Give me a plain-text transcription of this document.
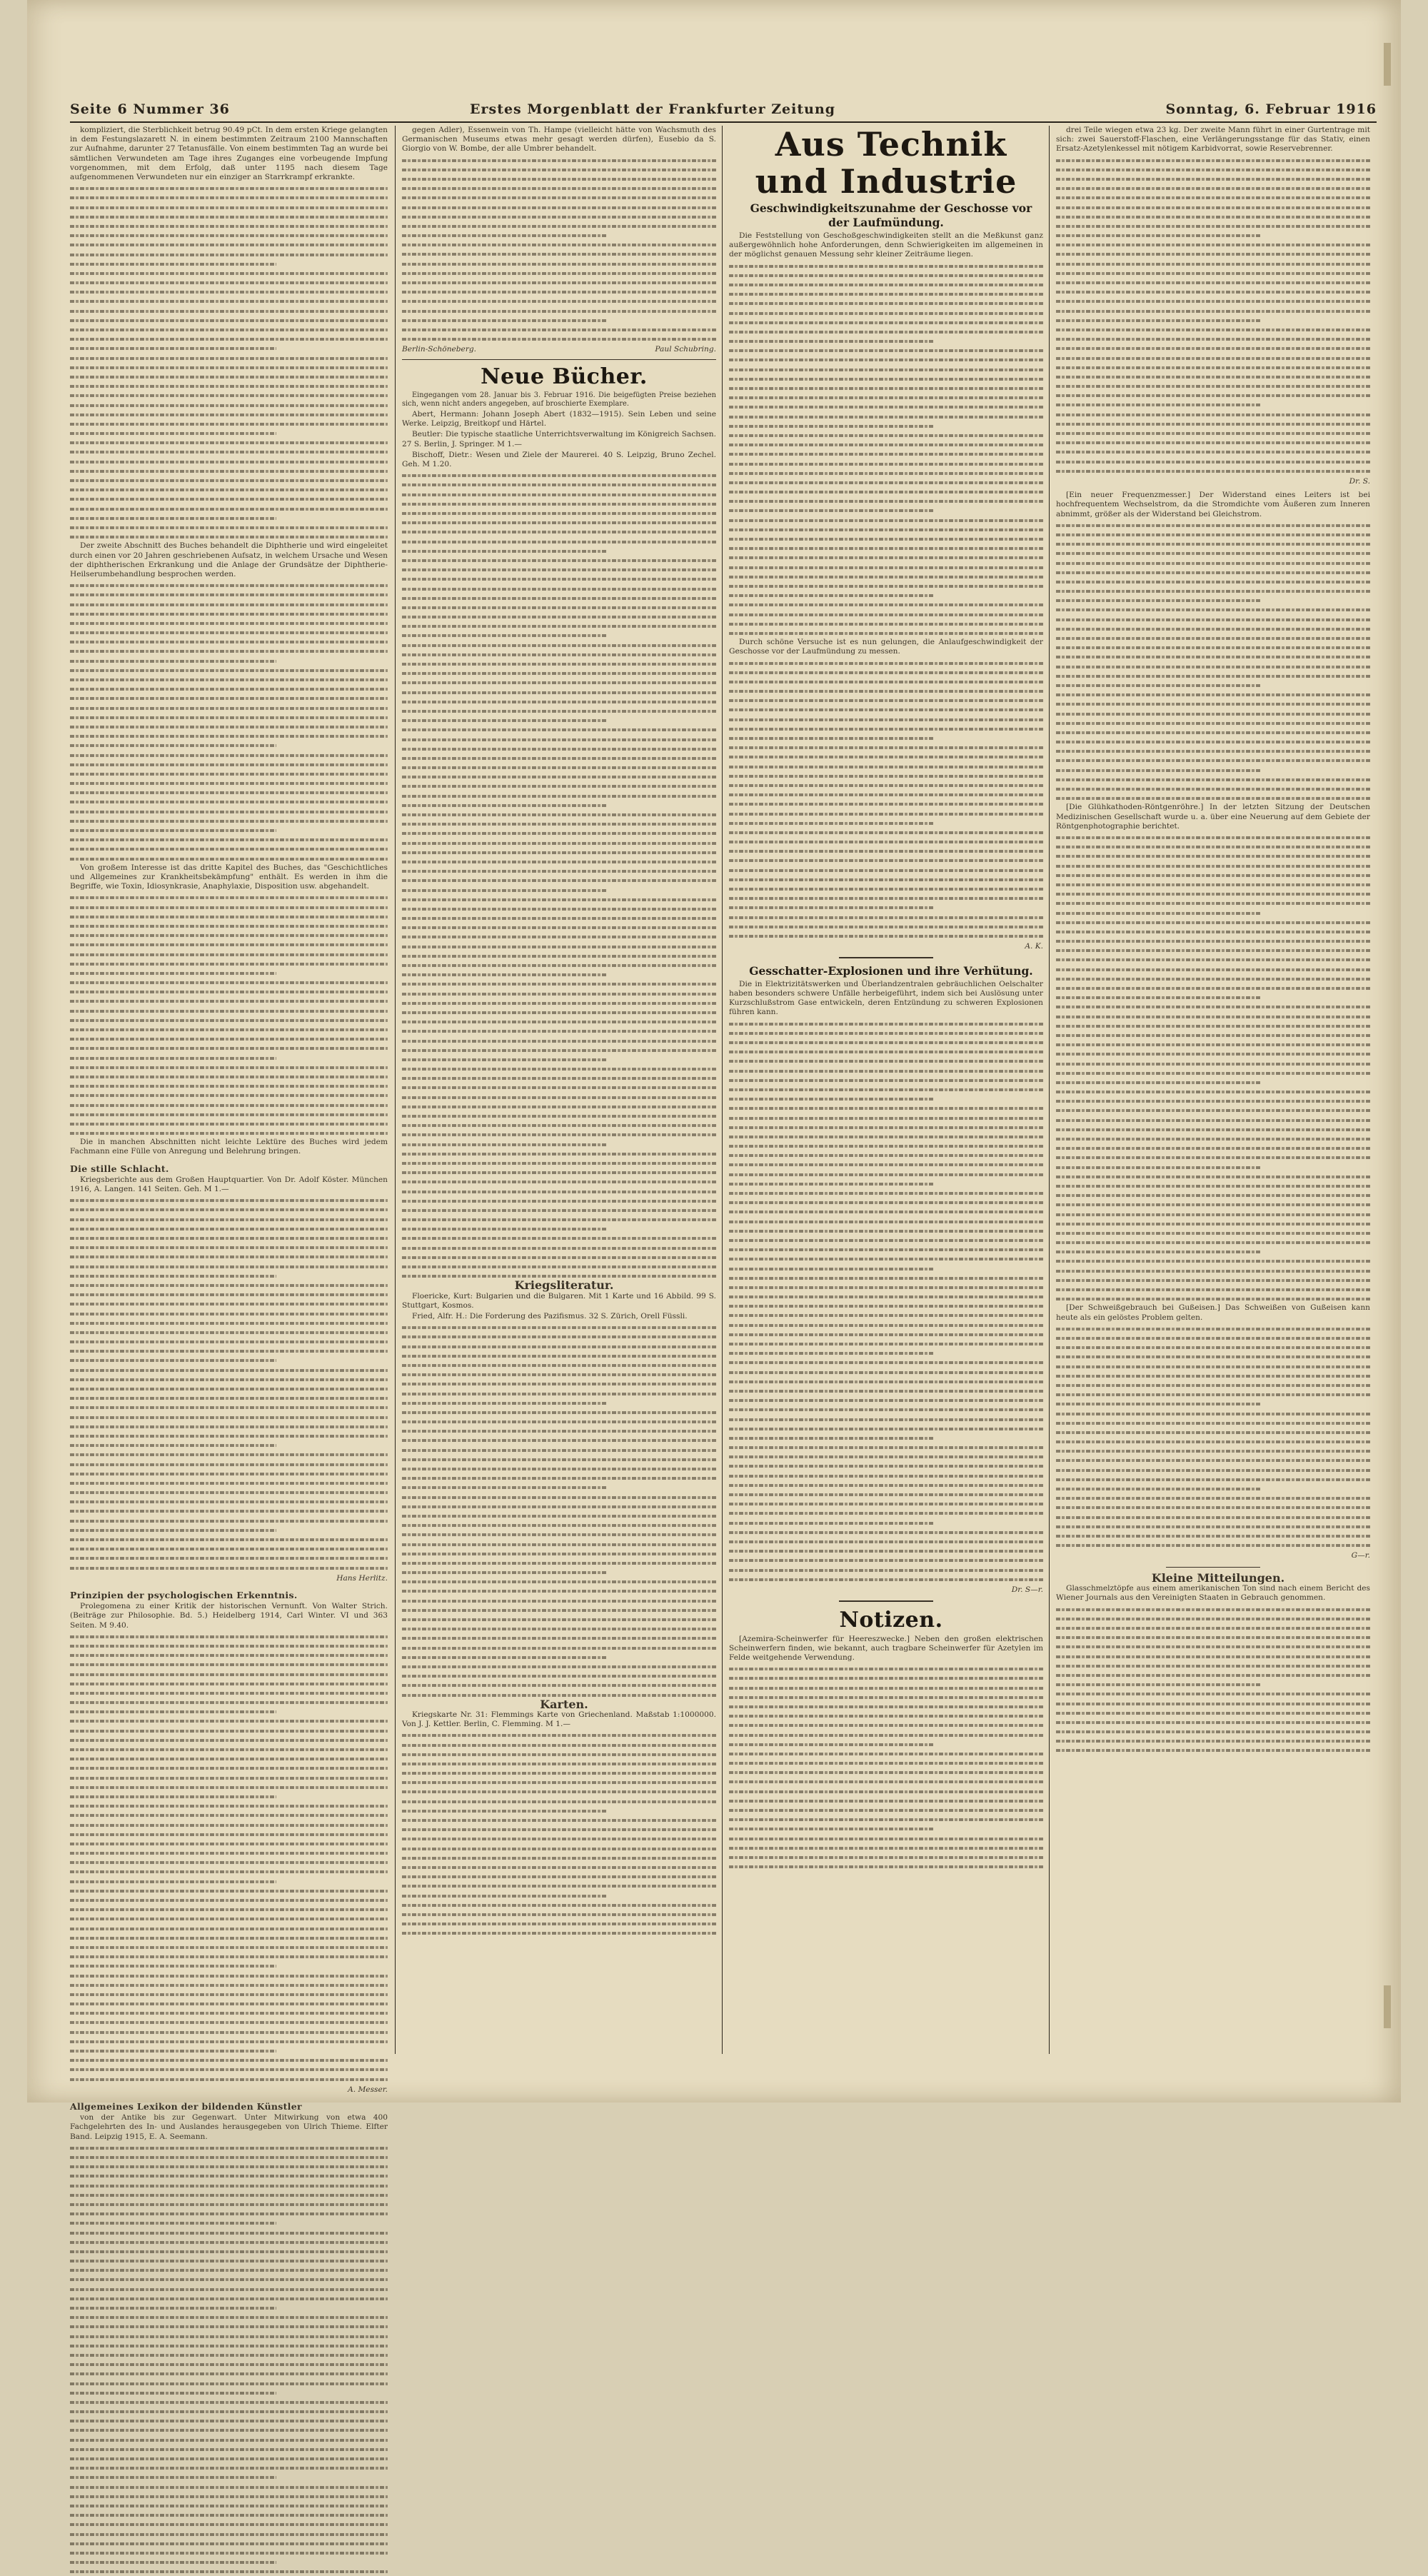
Seite 6 Nummer 36	Erstes Morgenblatt der Frankfurter Zeitung	Sonntag, 6. Februar 1916

kompliziert, die Sterblichkeit betrug 90.49 pCt. In dem ersten Kriege gelangten in dem Festungslazarett N. in einem bestimmten Zeitraum 2100 Mannschaften zur Aufnahme, darunter 27 Tetanusfälle. Von einem bestimmten Tag an wurde bei sämtlichen Verwundeten am Tage ihres Zuganges eine vorbeugende Impfung vorgenommen, mit dem Erfolg, daß unter 1195 nach diesem Tage aufgenommenen Verwundeten nur ein einziger an Starrkrampf erkrankte.

Der zweite Abschnitt des Buches behandelt die Diphtherie und wird eingeleitet durch einen vor 20 Jahren geschriebenen Aufsatz, in welchem Ursache und Wesen der diphtherischen Erkrankung und die Anlage der Grundsätze der Diphtherie-Heilserumbehandlung besprochen werden.

Von großem Interesse ist das dritte Kapitel des Buches, das "Geschichtliches und Allgemeines zur Krankheitsbekämpfung" enthält. Es werden in ihm die Begriffe, wie Toxin, Idiosynkrasie, Anaphylaxie, Disposition usw. abgehandelt.

Die in manchen Abschnitten nicht leichte Lektüre des Buches wird jedem Fachmann eine Fülle von Anregung und Belehrung bringen.

Die stille Schlacht.

Kriegsberichte aus dem Großen Hauptquartier. Von Dr. Adolf Köster. München 1916, A. Langen. 141 Seiten. Geh. M 1.—

Hans Herlitz.

Prinzipien der psychologischen Erkenntnis.

Prolegomena zu einer Kritik der historischen Vernunft. Von Walter Strich. (Beiträge zur Philosophie. Bd. 5.) Heidelberg 1914, Carl Winter. VI und 363 Seiten. M 9.40.

A. Messer.

Allgemeines Lexikon der bildenden Künstler

von der Antike bis zur Gegenwart. Unter Mitwirkung von etwa 400 Fachgelehrten des In- und Auslandes herausgegeben von Ulrich Thieme. Elfter Band. Leipzig 1915, E. A. Seemann.

gegen Adler), Essenwein von Th. Hampe (vielleicht hätte von Wachsmuth des Germanischen Museums etwas mehr gesagt werden dürfen), Eusebio da S. Giorgio von W. Bombe, der alle Umbrer behandelt.

Berlin-Schöneberg.	Paul Schubring.

Neue Bücher.

Eingegangen vom 28. Januar bis 3. Februar 1916. Die beigefügten Preise beziehen sich, wenn nicht anders angegeben, auf broschierte Exemplare.

Abert, Hermann: Johann Joseph Abert (1832—1915). Sein Leben und seine Werke. Leipzig, Breitkopf und Härtel.

Beutler: Die typische staatliche Unterrichtsverwaltung im Königreich Sachsen. 27 S. Berlin, J. Springer. M 1.—

Bischoff, Dietr.: Wesen und Ziele der Maurerei. 40 S. Leipzig, Bruno Zechel. Geh. M 1.20.

Kriegsliteratur.

Floericke, Kurt: Bulgarien und die Bulgaren. Mit 1 Karte und 16 Abbild. 99 S. Stuttgart, Kosmos.

Fried, Alfr. H.: Die Forderung des Pazifismus. 32 S. Zürich, Orell Füssli.

Karten.

Kriegskarte Nr. 31: Flemmings Karte von Griechenland. Maßstab 1:1000000. Von J. J. Kettler. Berlin, C. Flemming. M 1.—

Aus Technik und Industrie

Geschwindigkeitszunahme der Geschosse vor der Laufmündung.

Die Feststellung von Geschoßgeschwindigkeiten stellt an die Meßkunst ganz außergewöhnlich hohe Anforderungen, denn Schwierigkeiten im allgemeinen in der möglichst genauen Messung sehr kleiner Zeiträume liegen.

Durch schöne Versuche ist es nun gelungen, die Anlaufgeschwindigkeit der Geschosse vor der Laufmündung zu messen.

A. K.

Gesschatter-Explosionen und ihre Verhütung.

Die in Elektrizitätswerken und Überlandzentralen gebräuchlichen Oelschalter haben besonders schwere Unfälle herbeigeführt, indem sich bei Auslösung unter Kurzschlußstrom Gase entwickeln, deren Entzündung zu schweren Explosionen führen kann.

Dr. S—r.

Notizen.

[Azemira-Scheinwerfer für Heereszwecke.] Neben den großen elektrischen Scheinwerfern finden, wie bekannt, auch tragbare Scheinwerfer für Azetylen im Felde weitgehende Verwendung.

drei Teile wiegen etwa 23 kg. Der zweite Mann führt in einer Gurtentrage mit sich: zwei Sauerstoff-Flaschen, eine Verlängerungsstange für das Stativ, einen Ersatz-Azetylenkessel mit nötigem Karbidvorrat, sowie Reservebrenner.

Dr. S.

[Ein neuer Frequenzmesser.] Der Widerstand eines Leiters ist bei hochfrequentem Wechselstrom, da die Stromdichte vom Äußeren zum Inneren abnimmt, größer als der Widerstand bei Gleichstrom.

[Die Glühkathoden-Röntgenröhre.] In der letzten Sitzung der Deutschen Medizinischen Gesellschaft wurde u. a. über eine Neuerung auf dem Gebiete der Röntgenphotographie berichtet.

[Der Schweißgebrauch bei Gußeisen.] Das Schweißen von Gußeisen kann heute als ein gelöstes Problem gelten.

G—r.

Kleine Mitteilungen.

Glasschmelztöpfe aus einem amerikanischen Ton sind nach einem Bericht des Wiener Journals aus den Vereinigten Staaten in Gebrauch genommen.
